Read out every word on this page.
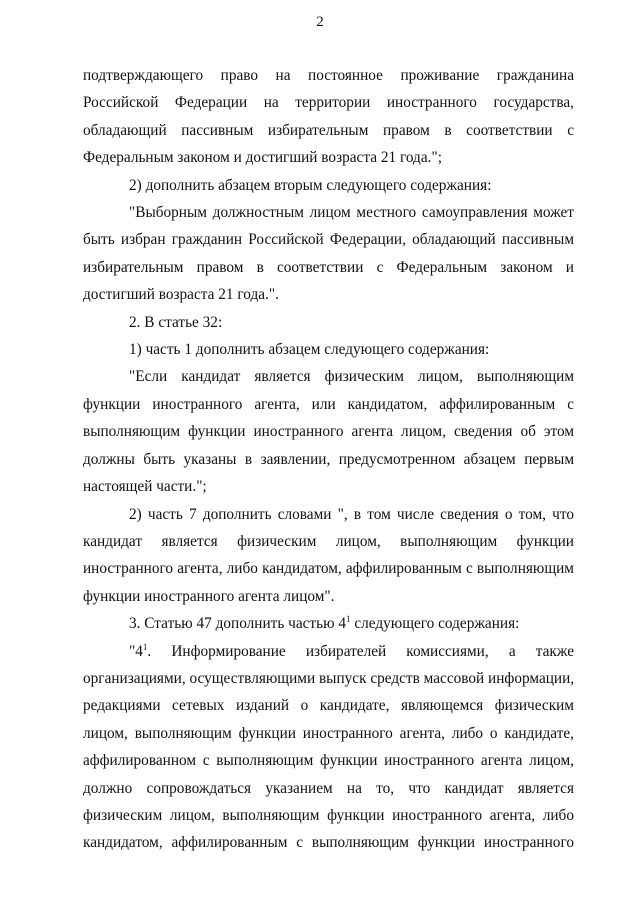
2

подтверждающего право на постоянное проживание гражданина

Российской Федерации на территории иностранного государства,

обладающий пассивным избирательным правом в соответствии с

Федеральным законом и достигший возраста 21 года.";

2) дополнить абзацем вторым следующего содержания:

"Выборным должностным лицом местного самоуправления может

быть избран гражданин Российской Федерации, обладающий пассивным

избирательным правом в соответствии с Федеральным законом и

достигший возраста 21 года.".

2. В статье 32:

1) часть 1 дополнить абзацем следующего содержания:

"Если кандидат является физическим лицом, выполняющим

функции иностранного агента, или кандидатом, аффилированным с

выполняющим функции иностранного агента лицом, сведения об этом

должны быть указаны в заявлении, предусмотренном абзацем первым

настоящей части.";

2) часть 7 дополнить словами ", в том числе сведения о том, что

кандидат является физическим лицом, выполняющим функции

иностранного агента, либо кандидатом, аффилированным с выполняющим

функции иностранного агента лицом".

3. Статью 47 дополнить частью $4^1$ следующего содержания:

"$4^1$. Информирование избирателей комиссиями, а также

организациями, осуществляющими выпуск средств массовой информации,

редакциями сетевых изданий о кандидате, являющемся физическим

лицом, выполняющим функции иностранного агента, либо о кандидате,

аффилированном с выполняющим функции иностранного агента лицом,

должно сопровождаться указанием на то, что кандидат является

физическим лицом, выполняющим функции иностранного агента, либо

кандидатом, аффилированным с выполняющим функции иностранного
